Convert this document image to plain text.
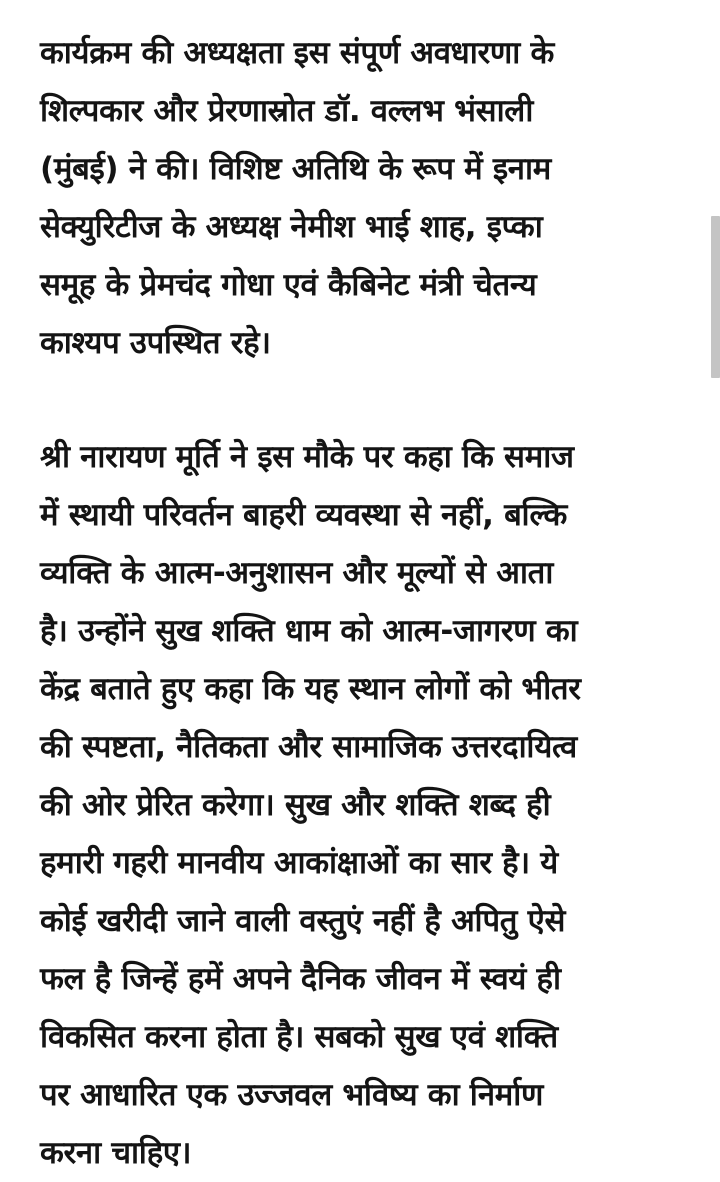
कार्यक्रम की अध्यक्षता इस संपूर्ण अवधारणा के
शिल्पकार और प्रेरणास्रोत डॉ. वल्लभ भंसाली
(मुंबई) ने की। विशिष्ट अतिथि के रूप में इनाम
सेक्युरिटीज के अध्यक्ष नेमीश भाई शाह, इप्का
समूह के प्रेमचंद गोधा एवं कैबिनेट मंत्री चेतन्य
काश्यप उपस्थित रहे।

श्री नारायण मूर्ति ने इस मौके पर कहा कि समाज
में स्थायी परिवर्तन बाहरी व्यवस्था से नहीं, बल्कि
व्यक्ति के आत्म-अनुशासन और मूल्यों से आता
है। उन्होंने सुख शक्ति धाम को आत्म-जागरण का
केंद्र बताते हुए कहा कि यह स्थान लोगों को भीतर
की स्पष्टता, नैतिकता और सामाजिक उत्तरदायित्व
की ओर प्रेरित करेगा। सुख और शक्ति शब्द ही
हमारी गहरी मानवीय आकांक्षाओं का सार है। ये
कोई खरीदी जाने वाली वस्तुएं नहीं है अपितु ऐसे
फल है जिन्हें हमें अपने दैनिक जीवन में स्वयं ही
विकसित करना होता है। सबको सुख एवं शक्ति
पर आधारित एक उज्जवल भविष्य का निर्माण
करना चाहिए।
